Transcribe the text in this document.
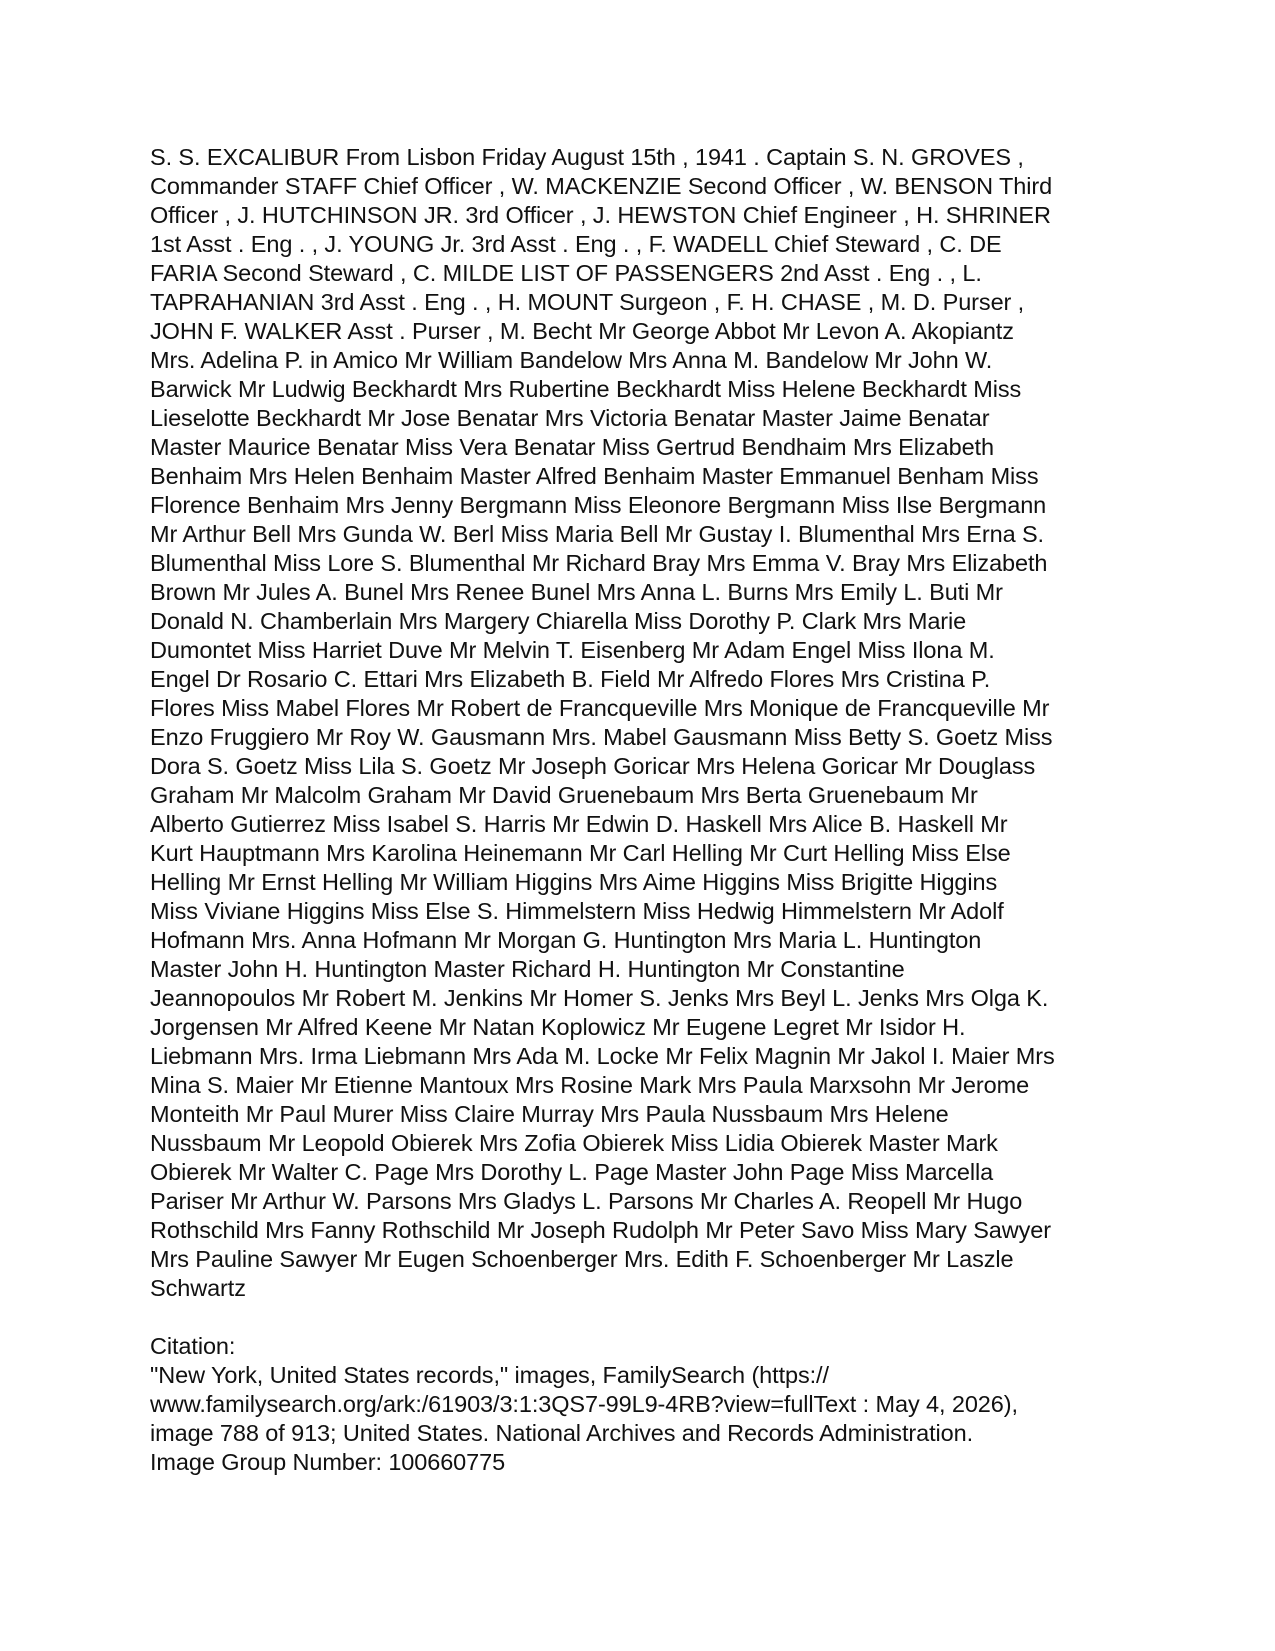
S. S. EXCALIBUR From Lisbon Friday August 15th , 1941 . Captain S. N. GROVES ,
Commander STAFF Chief Officer , W. MACKENZIE Second Officer , W. BENSON Third
Officer , J. HUTCHINSON JR. 3rd Officer , J. HEWSTON Chief Engineer , H. SHRINER
1st Asst . Eng . , J. YOUNG Jr. 3rd Asst . Eng . , F. WADELL Chief Steward , C. DE
FARIA Second Steward , C. MILDE LIST OF PASSENGERS 2nd Asst . Eng . , L.
TAPRAHANIAN 3rd Asst . Eng . , H. MOUNT Surgeon , F. H. CHASE , M. D. Purser ,
JOHN F. WALKER Asst . Purser , M. Becht Mr George Abbot Mr Levon A. Akopiantz
Mrs. Adelina P. in Amico Mr William Bandelow Mrs Anna M. Bandelow Mr John W.
Barwick Mr Ludwig Beckhardt Mrs Rubertine Beckhardt Miss Helene Beckhardt Miss
Lieselotte Beckhardt Mr Jose Benatar Mrs Victoria Benatar Master Jaime Benatar
Master Maurice Benatar Miss Vera Benatar Miss Gertrud Bendhaim Mrs Elizabeth
Benhaim Mrs Helen Benhaim Master Alfred Benhaim Master Emmanuel Benham Miss
Florence Benhaim Mrs Jenny Bergmann Miss Eleonore Bergmann Miss Ilse Bergmann
Mr Arthur Bell Mrs Gunda W. Berl Miss Maria Bell Mr Gustay I. Blumenthal Mrs Erna S.
Blumenthal Miss Lore S. Blumenthal Mr Richard Bray Mrs Emma V. Bray Mrs Elizabeth
Brown Mr Jules A. Bunel Mrs Renee Bunel Mrs Anna L. Burns Mrs Emily L. Buti Mr
Donald N. Chamberlain Mrs Margery Chiarella Miss Dorothy P. Clark Mrs Marie
Dumontet Miss Harriet Duve Mr Melvin T. Eisenberg Mr Adam Engel Miss Ilona M.
Engel Dr Rosario C. Ettari Mrs Elizabeth B. Field Mr Alfredo Flores Mrs Cristina P.
Flores Miss Mabel Flores Mr Robert de Francqueville Mrs Monique de Francqueville Mr
Enzo Fruggiero Mr Roy W. Gausmann Mrs. Mabel Gausmann Miss Betty S. Goetz Miss
Dora S. Goetz Miss Lila S. Goetz Mr Joseph Goricar Mrs Helena Goricar Mr Douglass
Graham Mr Malcolm Graham Mr David Gruenebaum Mrs Berta Gruenebaum Mr
Alberto Gutierrez Miss Isabel S. Harris Mr Edwin D. Haskell Mrs Alice B. Haskell Mr
Kurt Hauptmann Mrs Karolina Heinemann Mr Carl Helling Mr Curt Helling Miss Else
Helling Mr Ernst Helling Mr William Higgins Mrs Aime Higgins Miss Brigitte Higgins
Miss Viviane Higgins Miss Else S. Himmelstern Miss Hedwig Himmelstern Mr Adolf
Hofmann Mrs. Anna Hofmann Mr Morgan G. Huntington Mrs Maria L. Huntington
Master John H. Huntington Master Richard H. Huntington Mr Constantine
Jeannopoulos Mr Robert M. Jenkins Mr Homer S. Jenks Mrs Beyl L. Jenks Mrs Olga K.
Jorgensen Mr Alfred Keene Mr Natan Koplowicz Mr Eugene Legret Mr Isidor H.
Liebmann Mrs. Irma Liebmann Mrs Ada M. Locke Mr Felix Magnin Mr Jakol I. Maier Mrs
Mina S. Maier Mr Etienne Mantoux Mrs Rosine Mark Mrs Paula Marxsohn Mr Jerome
Monteith Mr Paul Murer Miss Claire Murray Mrs Paula Nussbaum Mrs Helene
Nussbaum Mr Leopold Obierek Mrs Zofia Obierek Miss Lidia Obierek Master Mark
Obierek Mr Walter C. Page Mrs Dorothy L. Page Master John Page Miss Marcella
Pariser Mr Arthur W. Parsons Mrs Gladys L. Parsons Mr Charles A. Reopell Mr Hugo
Rothschild Mrs Fanny Rothschild Mr Joseph Rudolph Mr Peter Savo Miss Mary Sawyer
Mrs Pauline Sawyer Mr Eugen Schoenberger Mrs. Edith F. Schoenberger Mr Laszle
Schwartz
Citation:
"New York, United States records," images, FamilySearch (https://
www.familysearch.org/ark:/61903/3:1:3QS7-99L9-4RB?view=fullText : May 4, 2026),
image 788 of 913; United States. National Archives and Records Administration.
Image Group Number: 100660775
